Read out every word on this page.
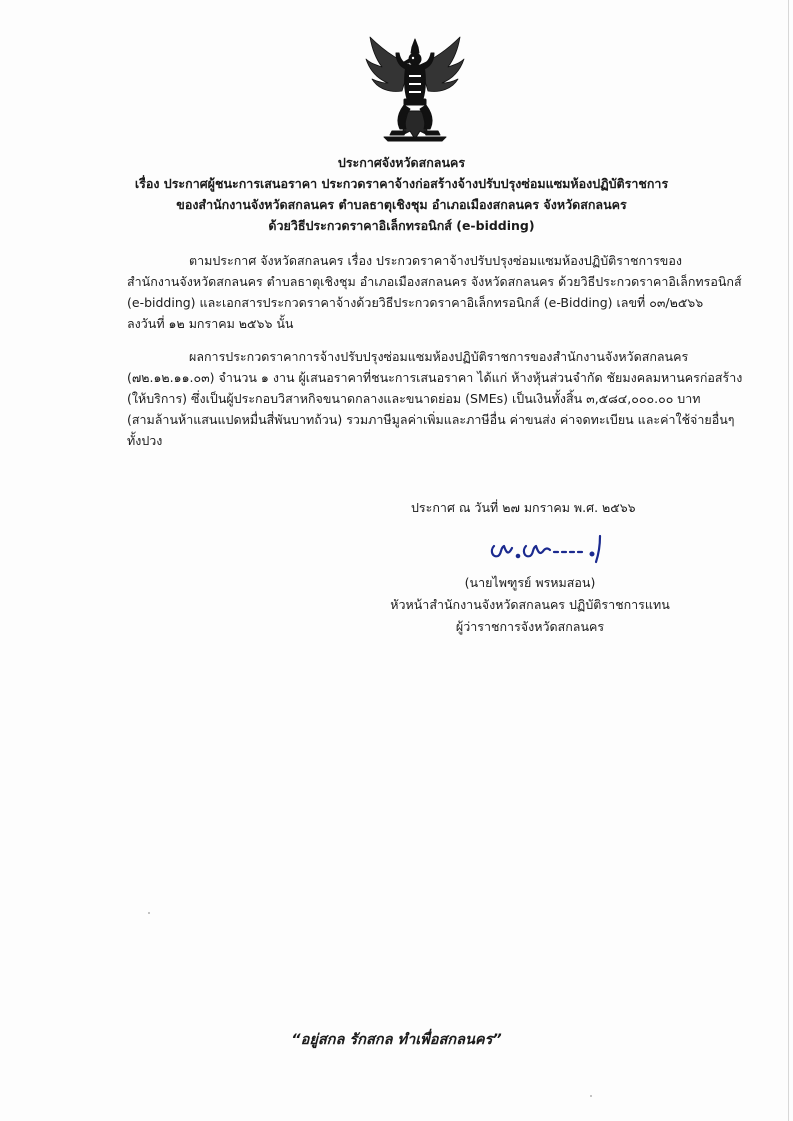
ประกาศจังหวัดสกลนคร
เรื่อง ประกาศผู้ชนะการเสนอราคา ประกวดราคาจ้างก่อสร้างจ้างปรับปรุงซ่อมแซมห้องปฏิบัติราชการ
ของสำนักงานจังหวัดสกลนคร ตำบลธาตุเชิงชุม อำเภอเมืองสกลนคร จังหวัดสกลนคร
ด้วยวิธีประกวดราคาอิเล็กทรอนิกส์ (e-bidding)
ตามประกาศ จังหวัดสกลนคร เรื่อง ประกวดราคาจ้างปรับปรุงซ่อมแซมห้องปฏิบัติราชการของ
สำนักงานจังหวัดสกลนคร ตำบลธาตุเชิงชุม อำเภอเมืองสกลนคร จังหวัดสกลนคร ด้วยวิธีประกวดราคาอิเล็กทรอนิกส์
(e-bidding) และเอกสารประกวดราคาจ้างด้วยวิธีประกวดราคาอิเล็กทรอนิกส์ (e-Bidding) เลขที่ ๐๓/๒๕๖๖
ลงวันที่ ๑๒ มกราคม ๒๕๖๖ นั้น
ผลการประกวดราคาการจ้างปรับปรุงซ่อมแซมห้องปฏิบัติราชการของสำนักงานจังหวัดสกลนคร
(๗๒.๑๒.๑๑.๐๓) จำนวน ๑ งาน ผู้เสนอราคาที่ชนะการเสนอราคา ได้แก่ ห้างหุ้นส่วนจำกัด ชัยมงคลมหานครก่อสร้าง
(ให้บริการ) ซึ่งเป็นผู้ประกอบวิสาหกิจขนาดกลางและขนาดย่อม (SMEs) เป็นเงินทั้งสิ้น ๓,๕๘๔,๐๐๐.๐๐ บาท
(สามล้านห้าแสนแปดหมื่นสี่พันบาทถ้วน) รวมภาษีมูลค่าเพิ่มและภาษีอื่น ค่าขนส่ง ค่าจดทะเบียน และค่าใช้จ่ายอื่นๆ
ทั้งปวง
ประกาศ ณ วันที่ ๒๗ มกราคม พ.ศ. ๒๕๖๖
(นายไพฑูรย์ พรหมสอน)
หัวหน้าสำนักงานจังหวัดสกลนคร ปฏิบัติราชการแทน
ผู้ว่าราชการจังหวัดสกลนคร
“อยู่สกล รักสกล ทำเพื่อสกลนคร”
